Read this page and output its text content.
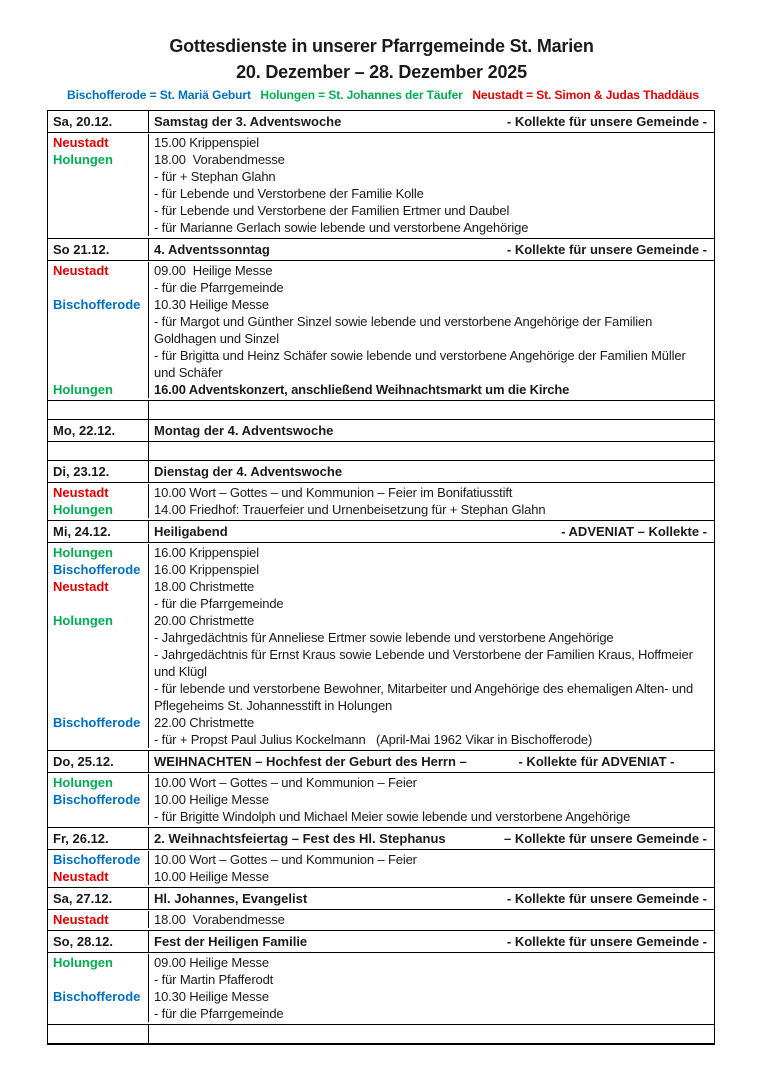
Gottesdienste in unserer Pfarrgemeinde St. Marien
20. Dezember – 28. Dezember 2025
Bischofferode = St. Mariä Geburt Holungen = St. Johannes der Täufer Neustadt = St. Simon & Judas Thaddäus
Sa, 20.12.	Samstag der 3. Adventswoche	- Kollekte für unsere Gemeinde -
Neustadt	15.00 Krippenspiel
Holungen	18.00  Vorabendmesse
- für + Stephan Glahn
- für Lebende und Verstorbene der Familie Kolle
- für Lebende und Verstorbene der Familien Ertmer und Daubel
- für Marianne Gerlach sowie lebende und verstorbene Angehörige
So 21.12.	4. Adventssonntag	- Kollekte für unsere Gemeinde -
Neustadt	09.00  Heilige Messe
- für die Pfarrgemeinde
Bischofferode	10.30 Heilige Messe
- für Margot und Günther Sinzel sowie lebende und verstorbene Angehörige der Familien Goldhagen und Sinzel
- für Brigitta und Heinz Schäfer sowie lebende und verstorbene Angehörige der Familien Müller und Schäfer
Holungen	16.00 Adventskonzert, anschließend Weihnachtsmarkt um die Kirche
Mo, 22.12.	Montag der 4. Adventswoche
Di, 23.12.	Dienstag der 4. Adventswoche
Neustadt	10.00 Wort – Gottes – und Kommunion – Feier im Bonifatiusstift
Holungen	14.00 Friedhof: Trauerfeier und Urnenbeisetzung für + Stephan Glahn
Mi, 24.12.	Heiligabend	- ADVENIAT – Kollekte -
Holungen	16.00 Krippenspiel
Bischofferode	16.00 Krippenspiel
Neustadt	18.00 Christmette
- für die Pfarrgemeinde
Holungen	20.00 Christmette
- Jahrgedächtnis für Anneliese Ertmer sowie lebende und verstorbene Angehörige
- Jahrgedächtnis für Ernst Kraus sowie Lebende und Verstorbene der Familien Kraus, Hoffmeier und Klügl
- für lebende und verstorbene Bewohner, Mitarbeiter und Angehörige des ehemaligen Alten- und Pflegeheims St. Johannesstift in Holungen
Bischofferode	22.00 Christmette
- für + Propst Paul Julius Kockelmann   (April-Mai 1962 Vikar in Bischofferode)
Do, 25.12.	WEIHNACHTEN – Hochfest der Geburt des Herrn –	- Kollekte für ADVENIAT -
Holungen	10.00 Wort – Gottes – und Kommunion – Feier
Bischofferode	10.00 Heilige Messe
- für Brigitte Windolph und Michael Meier sowie lebende und verstorbene Angehörige
Fr, 26.12.	2. Weihnachtsfeiertag – Fest des Hl. Stephanus	– Kollekte für unsere Gemeinde -
Bischofferode	10.00 Wort – Gottes – und Kommunion – Feier
Neustadt	10.00 Heilige Messe
Sa, 27.12.	Hl. Johannes, Evangelist	- Kollekte für unsere Gemeinde -
Neustadt	18.00  Vorabendmesse
So, 28.12.	Fest der Heiligen Familie	- Kollekte für unsere Gemeinde -
Holungen	09.00 Heilige Messe
- für Martin Pfafferodt
Bischofferode	10.30 Heilige Messe
- für die Pfarrgemeinde
